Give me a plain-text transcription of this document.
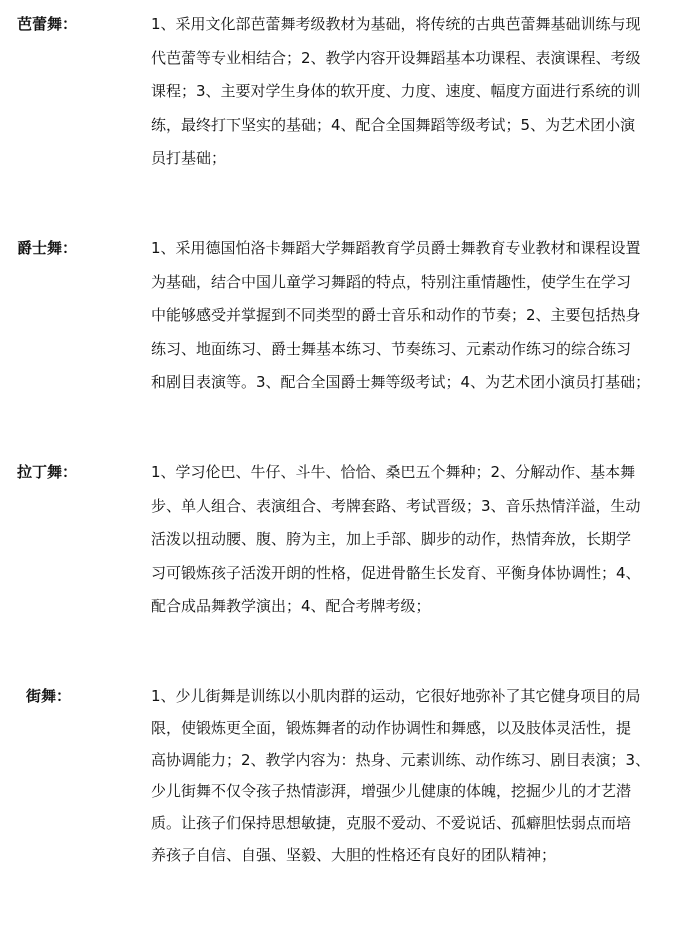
芭蕾舞：	1、采用文化部芭蕾舞考级教材为基础，将传统的古典芭蕾舞基础训练与现
代芭蕾等专业相结合；2、教学内容开设舞蹈基本功课程、表演课程、考级
课程；3、主要对学生身体的软开度、力度、速度、幅度方面进行系统的训
练，最终打下坚实的基础；4、配合全国舞蹈等级考试；5、为艺术团小演
员打基础；
爵士舞：	1、采用德国怕洛卡舞蹈大学舞蹈教育学员爵士舞教育专业教材和课程设置
为基础，结合中国儿童学习舞蹈的特点，特别注重情趣性，使学生在学习
中能够感受并掌握到不同类型的爵士音乐和动作的节奏；2、主要包括热身
练习、地面练习、爵士舞基本练习、节奏练习、元素动作练习的综合练习
和剧目表演等。3、配合全国爵士舞等级考试；4、为艺术团小演员打基础；
拉丁舞：	1、学习伦巴、牛仔、斗牛、恰恰、桑巴五个舞种；2、分解动作、基本舞
步、单人组合、表演组合、考牌套路、考试晋级；3、音乐热情洋溢，生动
活泼以扭动腰、腹、胯为主，加上手部、脚步的动作，热情奔放，长期学
习可锻炼孩子活泼开朗的性格，促进骨骼生长发育、平衡身体协调性；4、
配合成品舞教学演出；4、配合考牌考级；
街舞：	1、少儿街舞是训练以小肌肉群的运动，它很好地弥补了其它健身项目的局
限，使锻炼更全面，锻炼舞者的动作协调性和舞感，以及肢体灵活性，提
高协调能力；2、教学内容为：热身、元素训练、动作练习、剧目表演；3、
少儿街舞不仅令孩子热情澎湃，增强少儿健康的体魄，挖掘少儿的才艺潜
质。让孩子们保持思想敏捷，克服不爱动、不爱说话、孤癖胆怯弱点而培
养孩子自信、自强、坚毅、大胆的性格还有良好的团队精神；
